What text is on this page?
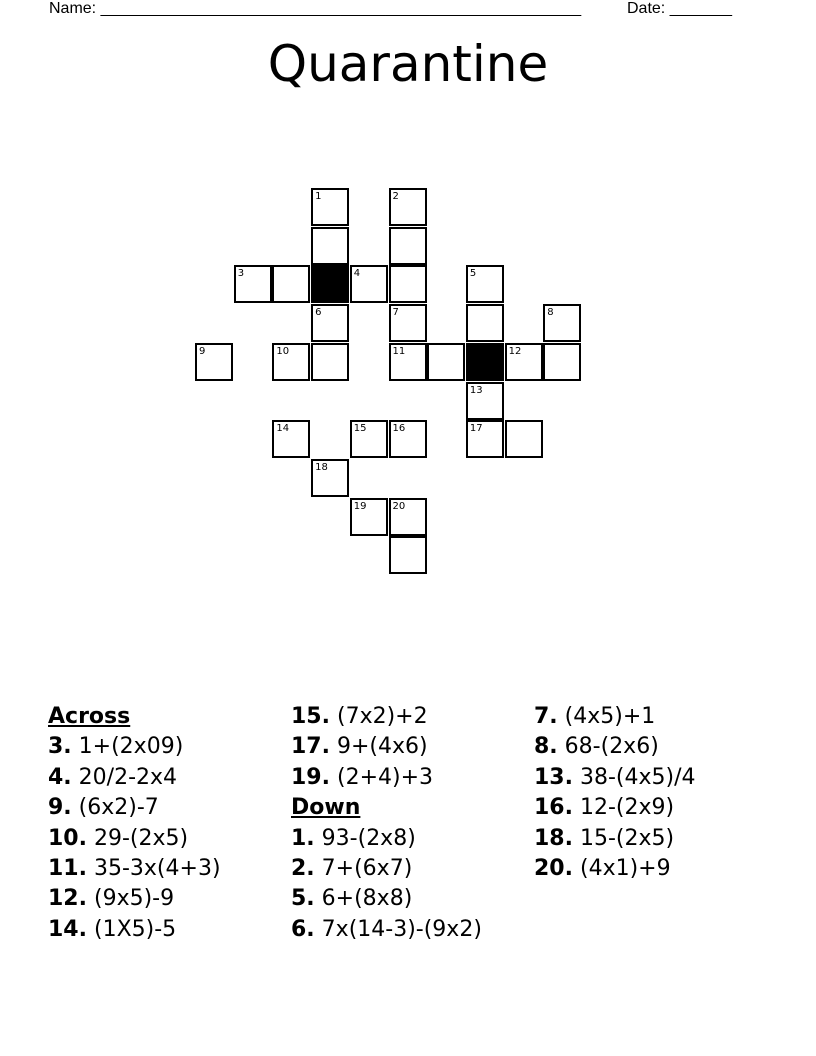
Name: ______________________________________________________	Date: _______
Quarantine
1	2
3	4	5
6	7	8
9	10	11	12
13
14	15	16	17
18
19	20
Across
3. 1+(2x09)
4. 20/2-2x4
9. (6x2)-7
10. 29-(2x5)
11. 35-3x(4+3)
12. (9x5)-9
14. (1X5)-5
15. (7x2)+2
17. 9+(4x6)
19. (2+4)+3
Down
1. 93-(2x8)
2. 7+(6x7)
5. 6+(8x8)
6. 7x(14-3)-(9x2)
7. (4x5)+1
8. 68-(2x6)
13. 38-(4x5)/4
16. 12-(2x9)
18. 15-(2x5)
20. (4x1)+9
